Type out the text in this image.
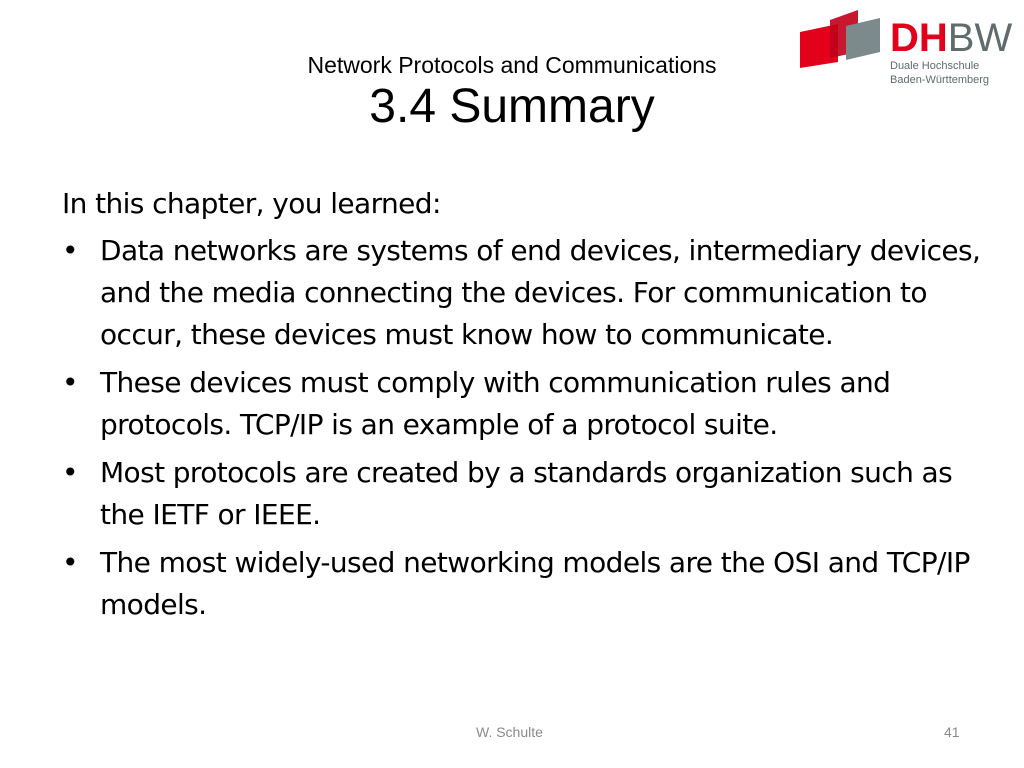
DHBW
Duale Hochschule
Baden-Württemberg
Network Protocols and Communications
3.4 Summary

In this chapter, you learned:

• Data networks are systems of end devices, intermediary devices, and the media connecting the devices. For communication to occur, these devices must know how to communicate.
• These devices must comply with communication rules and protocols. TCP/IP is an example of a protocol suite.
• Most protocols are created by a standards organization such as the IETF or IEEE.
• The most widely-used networking models are the OSI and TCP/IP models.
W. Schulte	41
